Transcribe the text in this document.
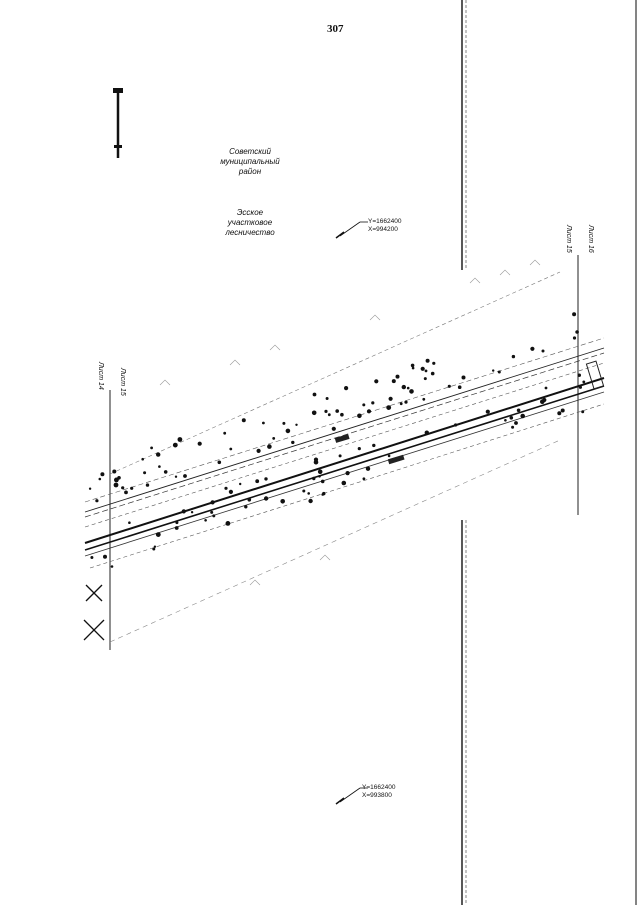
307
Советский
муниципальный
район
Эсское
участковое
лесничество
Y=1662400
X=994200
Y=1662400
X=993800
Лист 14 Лист 15
Лист 15 Лист 16
